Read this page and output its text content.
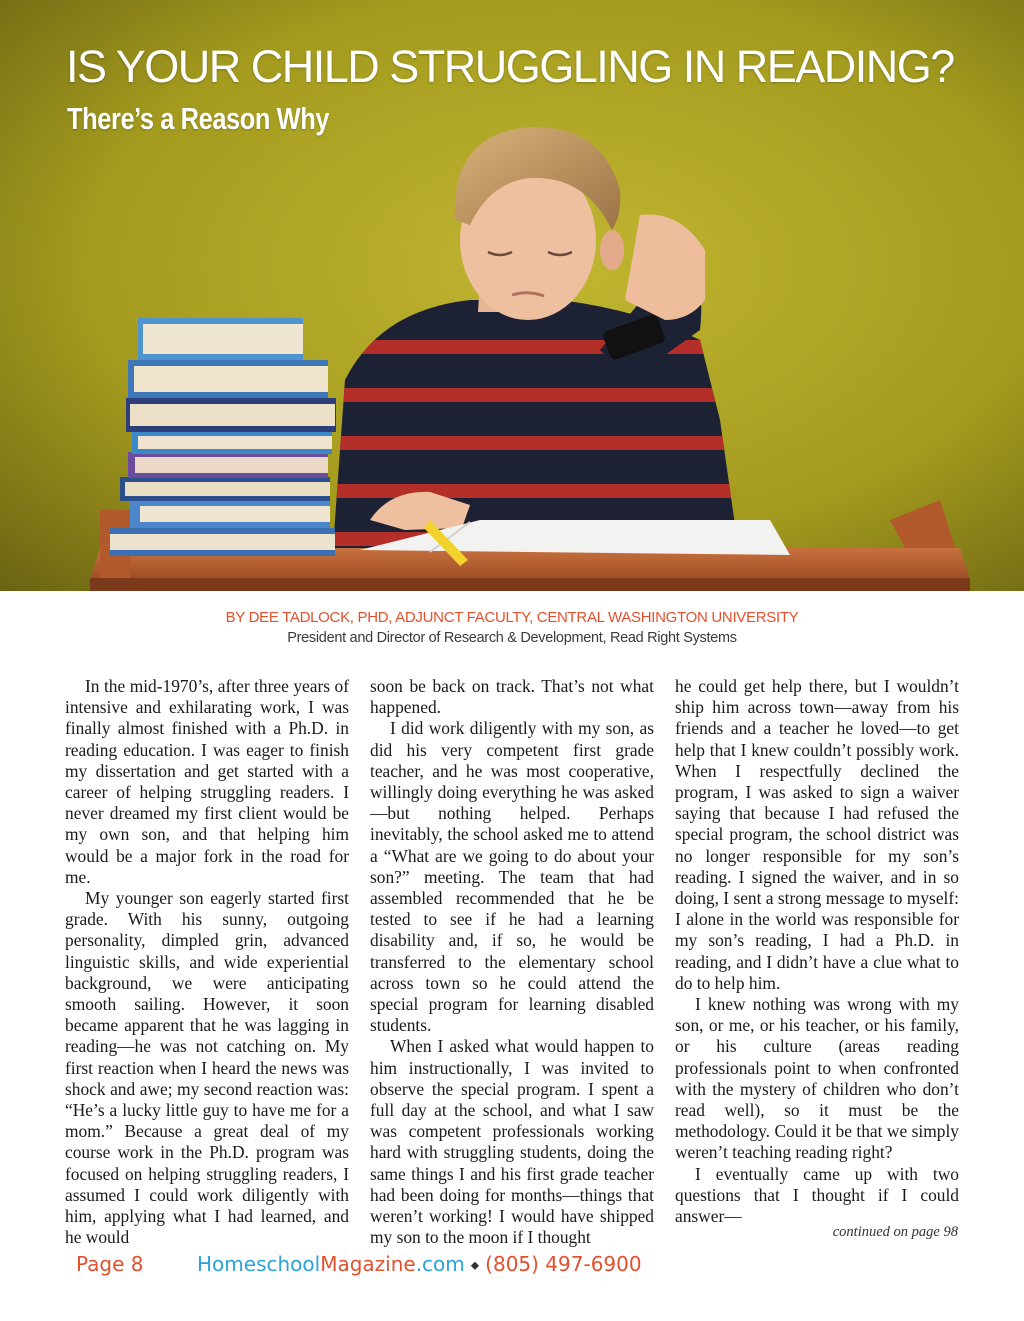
IS YOUR CHILD STRUGGLING IN READING?
There’s a Reason Why
BY DEE TADLOCK, PHD, ADJUNCT FACULTY, CENTRAL WASHINGTON UNIVERSITY
President and Director of Research & Development, Read Right Systems

In the mid-1970’s, after three years of intensive and exhilarating work, I was finally almost finished with a Ph.D. in reading education. I was eager to finish my dissertation and get started with a career of helping struggling readers. I never dreamed my first client would be my own son, and that helping him would be a major fork in the road for me.

My younger son eagerly started first grade. With his sunny, outgoing personality, dimpled grin, advanced linguistic skills, and wide experiential background, we were anticipating smooth sailing. However, it soon became apparent that he was lagging in reading—he was not catching on. My first reaction when I heard the news was shock and awe; my second reaction was: “He’s a lucky little guy to have me for a mom.” Because a great deal of my course work in the Ph.D. program was focused on helping struggling readers, I assumed I could work diligently with him, applying what I had learned, and he would

soon be back on track. That’s not what happened.

I did work diligently with my son, as did his very competent first grade teacher, and he was most cooperative, willingly doing everything he was asked—but nothing helped. Perhaps inevitably, the school asked me to attend a “What are we going to do about your son?” meeting. The team that had assembled recommended that he be tested to see if he had a learning disability and, if so, he would be transferred to the elementary school across town so he could attend the special program for learning disabled students.

When I asked what would happen to him instructionally, I was invited to observe the special program. I spent a full day at the school, and what I saw was competent professionals working hard with struggling students, doing the same things I and his first grade teacher had been doing for months—things that weren’t working! I would have shipped my son to the moon if I thought

he could get help there, but I wouldn’t ship him across town—away from his friends and a teacher he loved—to get help that I knew couldn’t possibly work. When I respectfully declined the program, I was asked to sign a waiver saying that because I had refused the special program, the school district was no longer responsible for my son’s reading. I signed the waiver, and in so doing, I sent a strong message to myself: I alone in the world was responsible for my son’s reading, I had a Ph.D. in reading, and I didn’t have a clue what to do to help him.

I knew nothing was wrong with my son, or me, or his teacher, or his family, or his culture (areas reading professionals point to when confronted with the mystery of children who don’t read well), so it must be the methodology. Could it be that we simply weren’t teaching reading right?

I eventually came up with two questions that I thought if I could answer—

continued on page 98
Page 8	HomeschoolMagazine.com ⬥ (805) 497-6900
